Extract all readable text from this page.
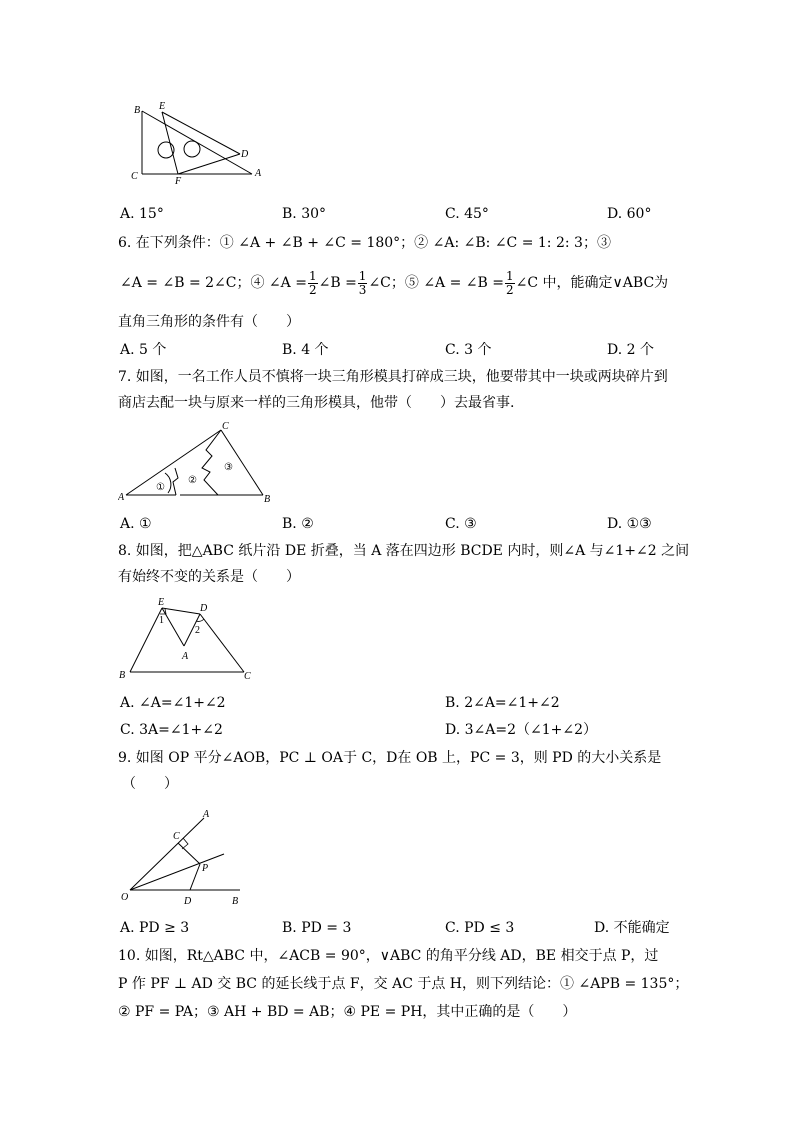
B E
D
C	F
A
A. 15°	B. 30°	C. 45°	D. 60°
6. 在下列条件：① ∠A + ∠B + ∠C = 180°；② ∠A: ∠B: ∠C = 1: 2: 3；③
∠A = ∠B = 2∠C；④ ∠A = $\frac{1}{2}$ ∠B = $\frac{1}{3}$ ∠C；⑤ ∠A = ∠B = $\frac{1}{2}$ ∠C 中，能确定∨ABC为
直角三角形的条件有（　　）
A. 5 个	B. 4 个	C. 3 个	D. 2 个
7. 如图，一名工作人员不慎将一块三角形模具打碎成三块，他要带其中一块或两块碎片到
商店去配一块与原来一样的三角形模具，他带（　　）去最省事.
C
A	B
①
②
③
A. ①	B. ②	C. ③	D. ①③
8. 如图，把△ABC 纸片沿 DE 折叠，当 A 落在四边形 BCDE 内时，则∠A 与∠1+∠2 之间
有始终不变的关系是（　　）
E
D
1
2
A
B	C
A. ∠A=∠1+∠2	B. 2∠A=∠1+∠2
C. 3A=∠1+∠2	D. 3∠A=2（∠1+∠2）
9. 如图 OP 平分∠AOB，PC ⊥ OA于 C，D在 OB 上，PC = 3，则 PD 的大小关系是
（　　）
A
C
P
O	D	B
A. PD ≥ 3	B. PD = 3	C. PD ≤ 3	D. 不能确定
10. 如图，Rt△ABC 中，∠ACB = 90°，∨ABC 的角平分线 AD，BE 相交于点 P，过
P 作 PF ⊥ AD 交 BC 的延长线于点 F，交 AC 于点 H，则下列结论：① ∠APB = 135°；
② PF = PA；③ AH + BD = AB；④ PE = PH，其中正确的是（　　）
